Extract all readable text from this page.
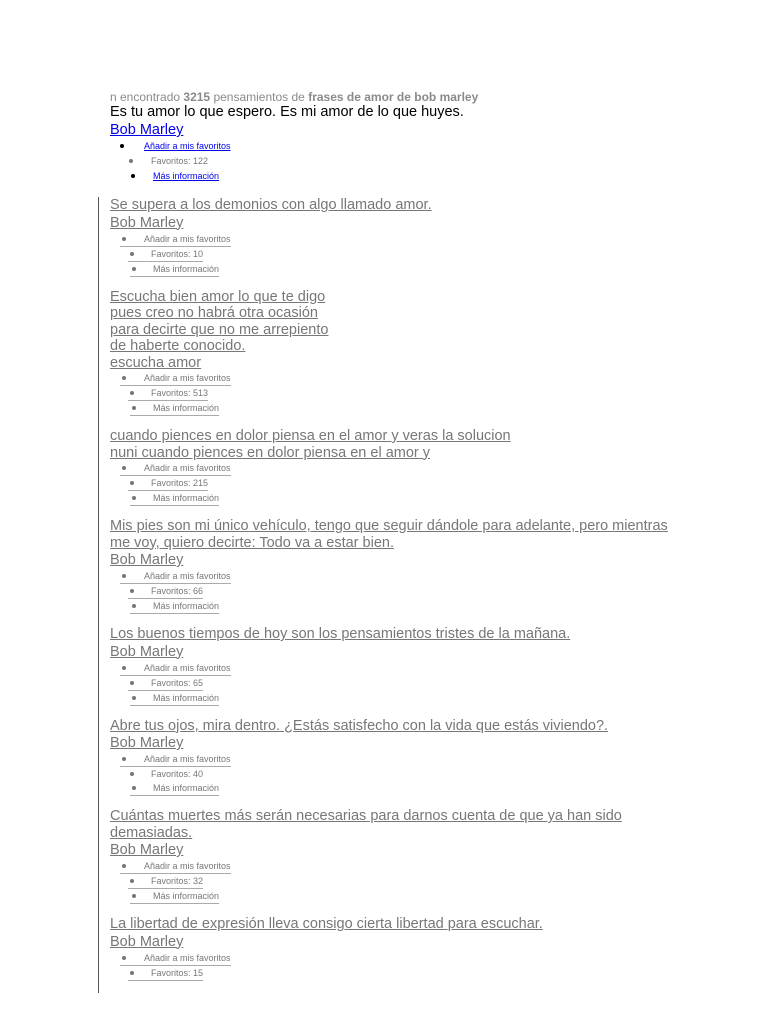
n encontrado 3215 pensamientos de frases de amor de bob marley
Es tu amor lo que espero. Es mi amor de lo que huyes.
Bob Marley
Añadir a mis favoritos
Favoritos: 122
Más información
Se supera a los demonios con algo llamado amor.

Bob Marley
Añadir a mis favoritos
Favoritos: 10
Más información
Escucha bien amor lo que te digo
pues creo no habrá otra ocasión
para decirte que no me arrepiento
de haberte conocido.
escucha amor

Añadir a mis favoritos
Favoritos: 513
Más información
cuando piences en dolor piensa en el amor y veras la solucion
nuni cuando piences en dolor piensa en el amor y

Añadir a mis favoritos
Favoritos: 215
Más información
Mis pies son mi único vehículo, tengo que seguir dándole para adelante, pero mientras
me voy, quiero decirte: Todo va a estar bien.

Bob Marley
Añadir a mis favoritos
Favoritos: 66
Más información
Los buenos tiempos de hoy son los pensamientos tristes de la mañana.

Bob Marley
Añadir a mis favoritos
Favoritos: 65
Más información
Abre tus ojos, mira dentro. ¿Estás satisfecho con la vida que estás viviendo?.

Bob Marley
Añadir a mis favoritos
Favoritos: 40
Más información
Cuántas muertes más serán necesarias para darnos cuenta de que ya han sido
demasiadas.

Bob Marley
Añadir a mis favoritos
Favoritos: 32
Más información
La libertad de expresión lleva consigo cierta libertad para escuchar.

Bob Marley
Añadir a mis favoritos
Favoritos: 15
